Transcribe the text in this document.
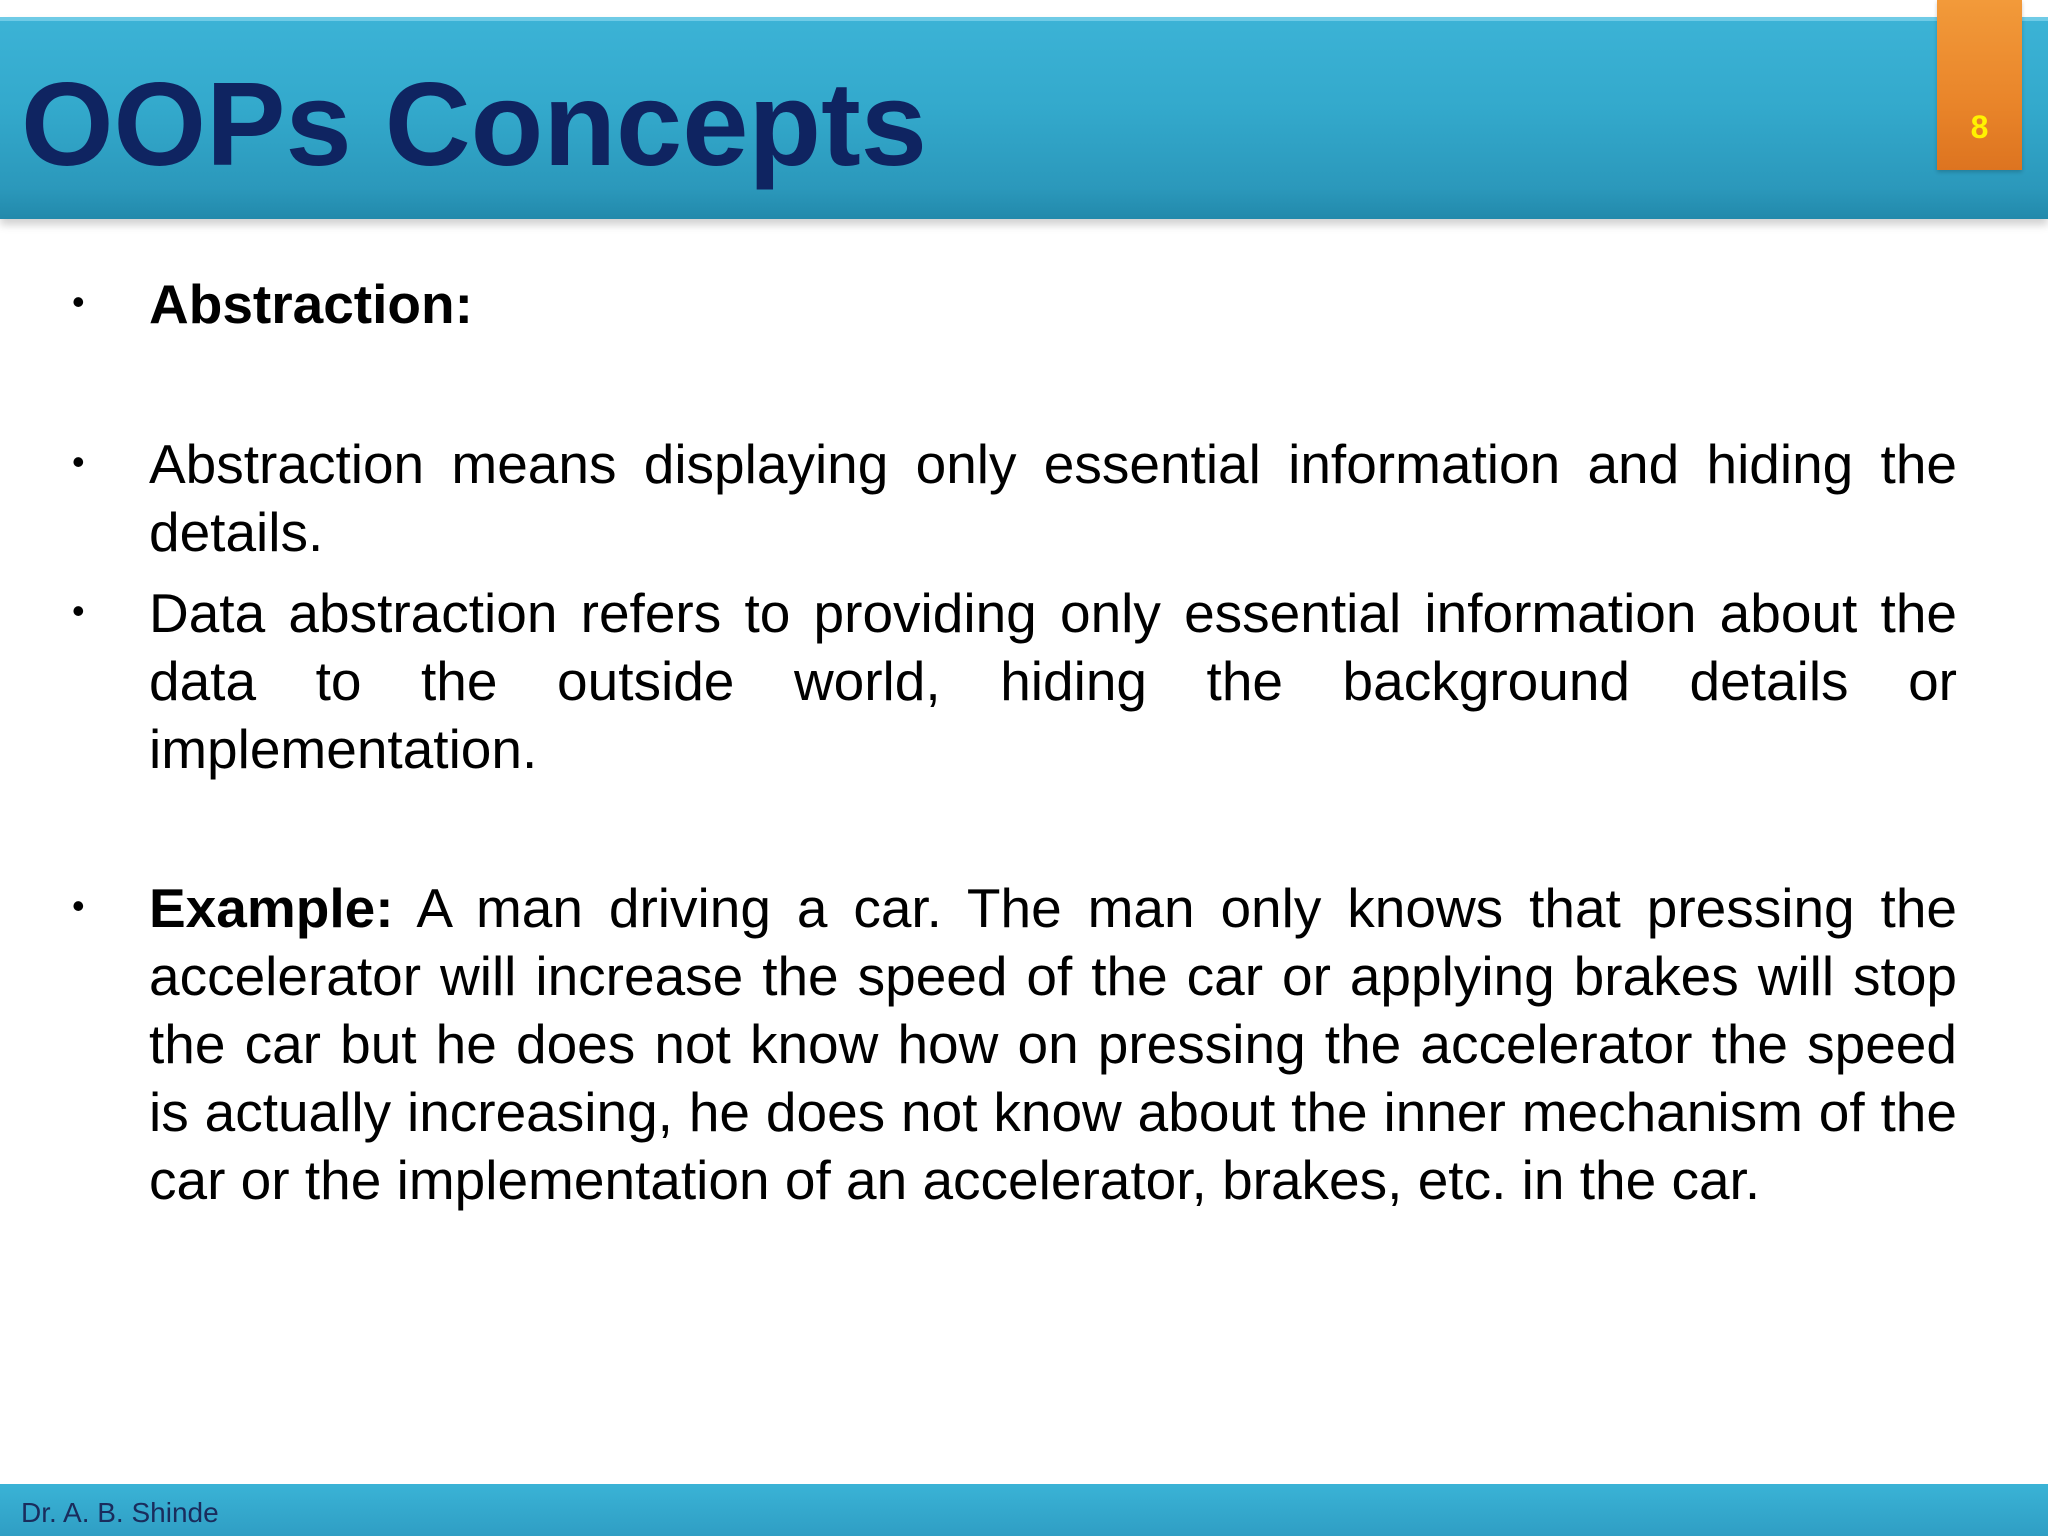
OOPs Concepts	8
• Abstraction:

• Abstraction means displaying only essential information and hiding the details.

• Data abstraction refers to providing only essential information about the data to the outside world, hiding the background details or implementation.

• Example: A man driving a car. The man only knows that pressing the accelerator will increase the speed of the car or applying brakes will stop the car but he does not know how on pressing the accelerator the speed is actually increasing, he does not know about the inner mechanism of the car or the implementation of an accelerator, brakes, etc. in the car.

Dr. A. B. Shinde
